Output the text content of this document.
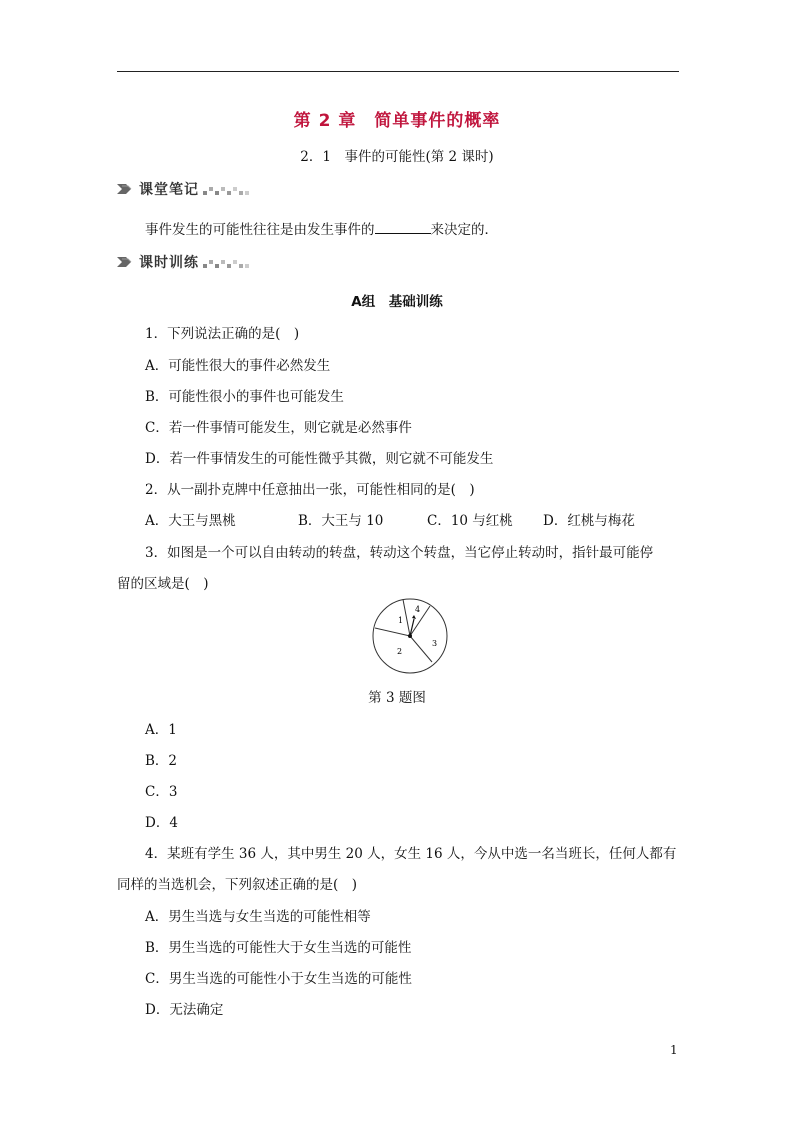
第 2 章　简单事件的概率
2．1　事件的可能性(第 2 课时)
课堂笔记
事件发生的可能性往往是由发生事件的	来决定的．
课时训练
A组　基础训练
1．下列说法正确的是(　)
A．可能性很大的事件必然发生
B．可能性很小的事件也可能发生
C．若一件事情可能发生，则它就是必然事件
D．若一件事情发生的可能性微乎其微，则它就不可能发生
2．从一副扑克牌中任意抽出一张，可能性相同的是(　)
A．大王与黑桃	B．大王与 10	C．10 与红桃 D．红桃与梅花
3．如图是一个可以自由转动的转盘，转动这个转盘，当它停止转动时，指针最可能停
留的区域是(　)
1
2
3
4
第 3 题图
A．1
B．2
C．3
D．4
4．某班有学生 36 人，其中男生 20 人，女生 16 人，今从中选一名当班长，任何人都有
同样的当选机会，下列叙述正确的是(　)
A．男生当选与女生当选的可能性相等
B．男生当选的可能性大于女生当选的可能性
C．男生当选的可能性小于女生当选的可能性
D．无法确定
1
